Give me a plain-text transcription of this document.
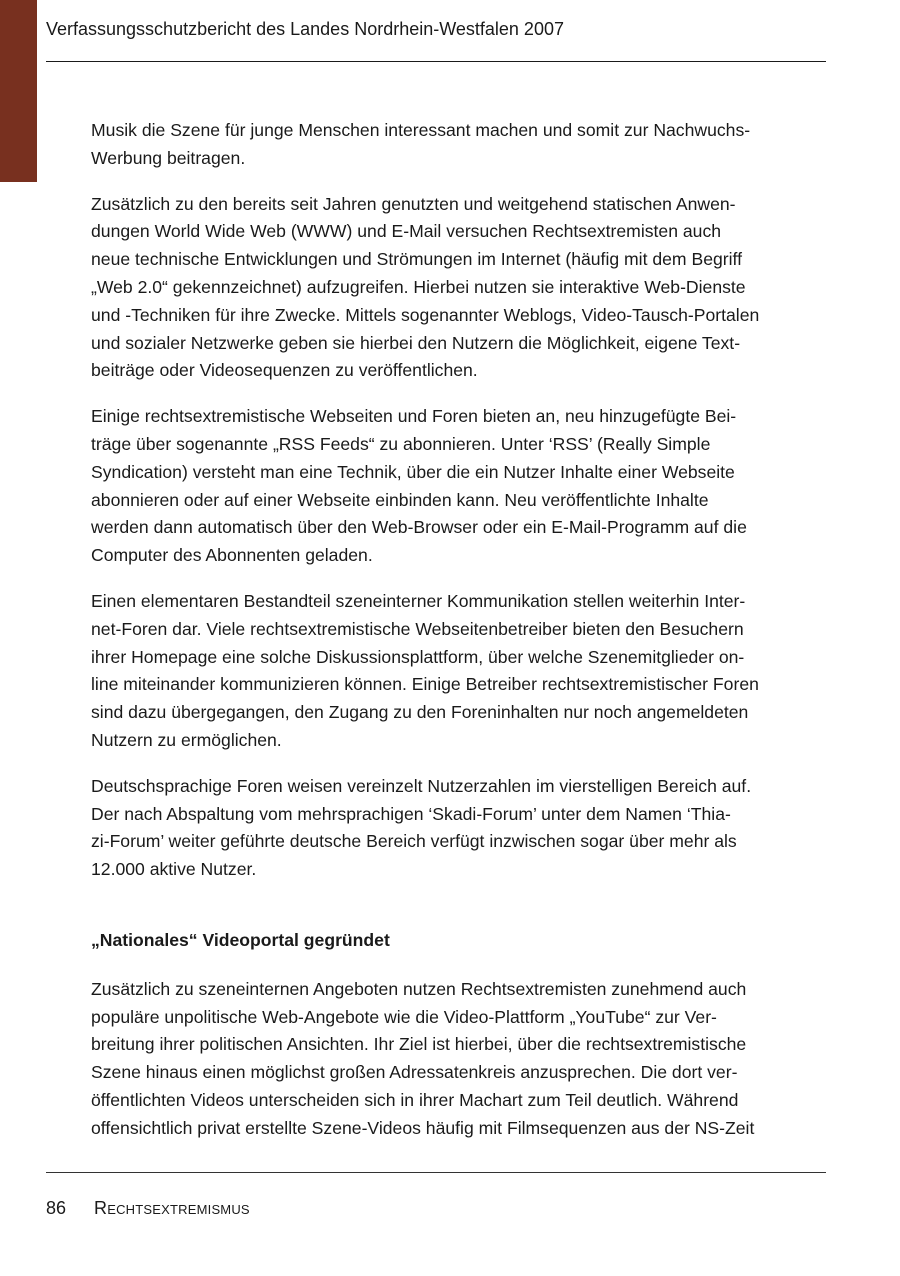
Verfassungsschutzbericht des Landes Nordrhein-Westfalen 2007

Musik die Szene für junge Menschen interessant machen und somit zur Nachwuchs-
Werbung beitragen.

Zusätzlich zu den bereits seit Jahren genutzten und weitgehend statischen Anwen-
dungen World Wide Web (WWW) und E-Mail versuchen Rechtsextremisten auch
neue technische Entwicklungen und Strömungen im Internet (häufig mit dem Begriff
„Web 2.0“ gekennzeichnet) aufzugreifen. Hierbei nutzen sie interaktive Web-Dienste
und -Techniken für ihre Zwecke. Mittels sogenannter Weblogs, Video-Tausch-Portalen
und sozialer Netzwerke geben sie hierbei den Nutzern die Möglichkeit, eigene Text-
beiträge oder Videosequenzen zu veröffentlichen.

Einige rechtsextremistische Webseiten und Foren bieten an, neu hinzugefügte Bei-
träge über sogenannte „RSS Feeds“ zu abonnieren. Unter ‘RSS’ (Really Simple
Syndication) versteht man eine Technik, über die ein Nutzer Inhalte einer Webseite
abonnieren oder auf einer Webseite einbinden kann. Neu veröffentlichte Inhalte
werden dann automatisch über den Web-Browser oder ein E-Mail-Programm auf die
Computer des Abonnenten geladen.

Einen elementaren Bestandteil szeneinterner Kommunikation stellen weiterhin Inter-
net-Foren dar. Viele rechtsextremistische Webseitenbetreiber bieten den Besuchern
ihrer Homepage eine solche Diskussionsplattform, über welche Szenemitglieder on-
line miteinander kommunizieren können. Einige Betreiber rechtsextremistischer Foren
sind dazu übergegangen, den Zugang zu den Foreninhalten nur noch angemeldeten
Nutzern zu ermöglichen.

Deutschsprachige Foren weisen vereinzelt Nutzerzahlen im vierstelligen Bereich auf.
Der nach Abspaltung vom mehrsprachigen ‘Skadi-Forum’ unter dem Namen ‘Thia-
zi-Forum’ weiter geführte deutsche Bereich verfügt inzwischen sogar über mehr als
12.000 aktive Nutzer.

„Nationales“ Videoportal gegründet

Zusätzlich zu szeneinternen Angeboten nutzen Rechtsextremisten zunehmend auch
populäre unpolitische Web-Angebote wie die Video-Plattform „YouTube“ zur Ver-
breitung ihrer politischen Ansichten. Ihr Ziel ist hierbei, über die rechtsextremistische
Szene hinaus einen möglichst großen Adressatenkreis anzusprechen. Die dort ver-
öffentlichten Videos unterscheiden sich in ihrer Machart zum Teil deutlich. Während
offensichtlich privat erstellte Szene-Videos häufig mit Filmsequenzen aus der NS-Zeit

86 Rechtsextremismus
